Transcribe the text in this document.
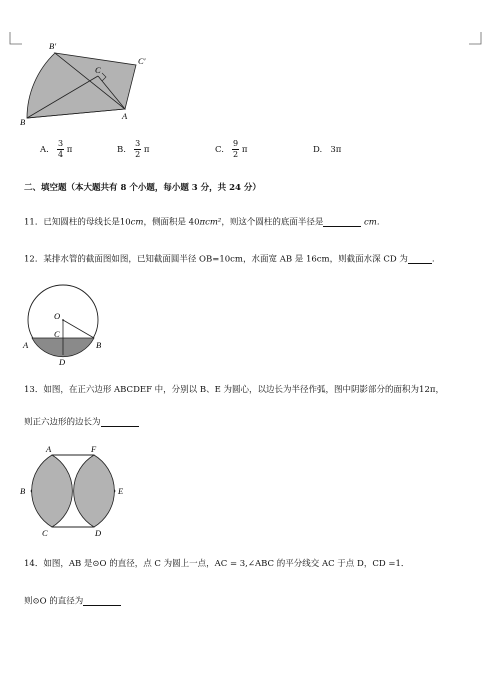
B′
C′
C
A
B
A. $\frac{3}{4}$ π	B. $\frac{3}{2}$ π	C. $\frac{9}{2}$ π	D. 3π
二、填空题（本大题共有 8 个小题，每小题 3 分，共 24 分）
11．已知圆柱的母线长是10cm，侧面积是 40πcm²，则这个圆柱的底面半径是	cm.
12．某排水管的截面图如图，已知截面圆半径 OB=10cm，水面宽 AB 是 16cm，则截面水深 CD 为	.
O
C
A	B
D
13．如图，在正六边形 ABCDEF 中，分别以 B、E 为圆心，以边长为半径作弧，图中阴影部分的面积为12π，
则正六边形的边长为
A	F
B	E
C	D
14．如图，AB 是⊙O 的直径，点 C 为圆上一点，AC = 3,∠ABC 的平分线交 AC 于点 D，CD =1．
则⊙O 的直径为
